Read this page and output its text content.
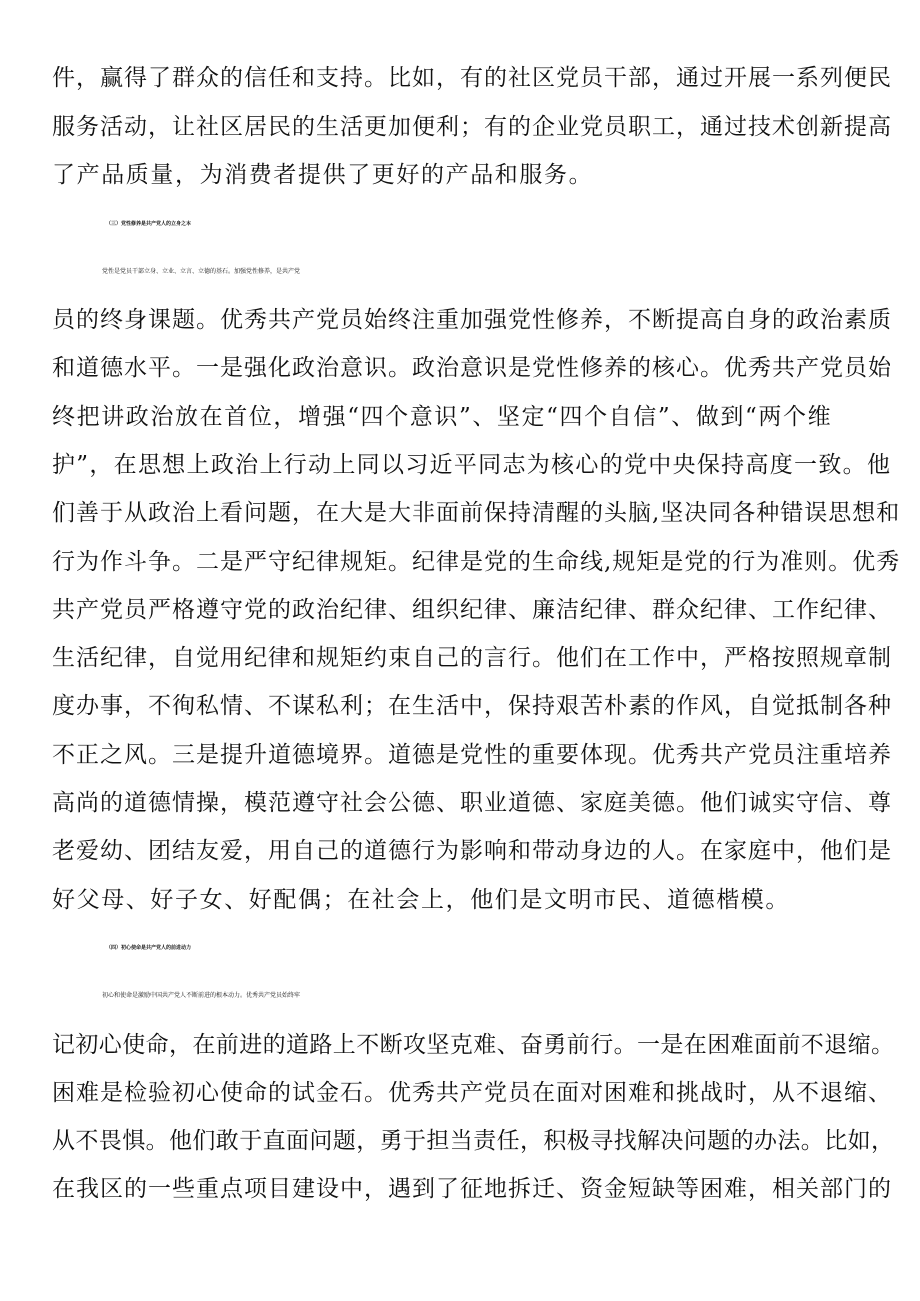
件，赢得了群众的信任和支持。比如，有的社区党员干部，通过开展一系列便民
服务活动，让社区居民的生活更加便利；有的企业党员职工，通过技术创新提高
了产品质量，为消费者提供了更好的产品和服务。
（三）党性修养是共产党人的立身之本
党性是党员干部立身、立业、立言、立德的基石。加强党性修养，是共产党
员的终身课题。优秀共产党员始终注重加强党性修养，不断提高自身的政治素质
和道德水平。一是强化政治意识。政治意识是党性修养的核心。优秀共产党员始
终把讲政治放在首位，增强“四个意识”、坚定“四个自信”、做到“两个维
护”，在思想上政治上行动上同以习近平同志为核心的党中央保持高度一致。他
们善于从政治上看问题，在大是大非面前保持清醒的头脑,坚决同各种错误思想和
行为作斗争。二是严守纪律规矩。纪律是党的生命线,规矩是党的行为准则。优秀
共产党员严格遵守党的政治纪律、组织纪律、廉洁纪律、群众纪律、工作纪律、
生活纪律，自觉用纪律和规矩约束自己的言行。他们在工作中，严格按照规章制
度办事，不徇私情、不谋私利；在生活中，保持艰苦朴素的作风，自觉抵制各种
不正之风。三是提升道德境界。道德是党性的重要体现。优秀共产党员注重培养
高尚的道德情操，模范遵守社会公德、职业道德、家庭美德。他们诚实守信、尊
老爱幼、团结友爱，用自己的道德行为影响和带动身边的人。在家庭中，他们是
好父母、好子女、好配偶；在社会上，他们是文明市民、道德楷模。
（四）初心使命是共产党人的前进动力
初心和使命是激励中国共产党人不断前进的根本动力。优秀共产党员始终牢
记初心使命，在前进的道路上不断攻坚克难、奋勇前行。一是在困难面前不退缩。
困难是检验初心使命的试金石。优秀共产党员在面对困难和挑战时，从不退缩、
从不畏惧。他们敢于直面问题，勇于担当责任，积极寻找解决问题的办法。比如，
在我区的一些重点项目建设中，遇到了征地拆迁、资金短缺等困难，相关部门的
